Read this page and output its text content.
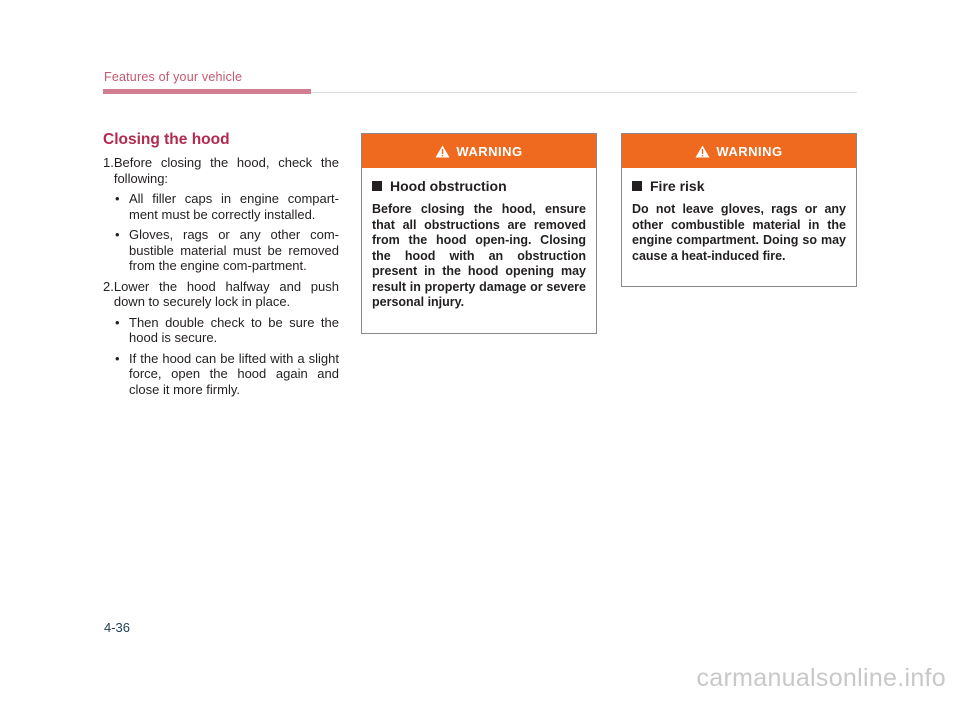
Features of your vehicle
Closing the hood
1. Before closing the hood, check the following:
• All filler caps in engine compart-ment must be correctly installed.
• Gloves, rags or any other com-bustible material must be removed from the engine com-partment.
2. Lower the hood halfway and push down to securely lock in place.
• Then double check to be sure the hood is secure.
• If the hood can be lifted with a slight force, open the hood again and close it more firmly.
WARNING
Hood obstruction
Before closing the hood, ensure that all obstructions are removed from the hood open-ing. Closing the hood with an obstruction present in the hood opening may result in property damage or severe personal injury.
WARNING
Fire risk
Do not leave gloves, rags or any other combustible material in the engine compartment. Doing so may cause a heat-induced fire.
4-36
carmanualsonline.info
